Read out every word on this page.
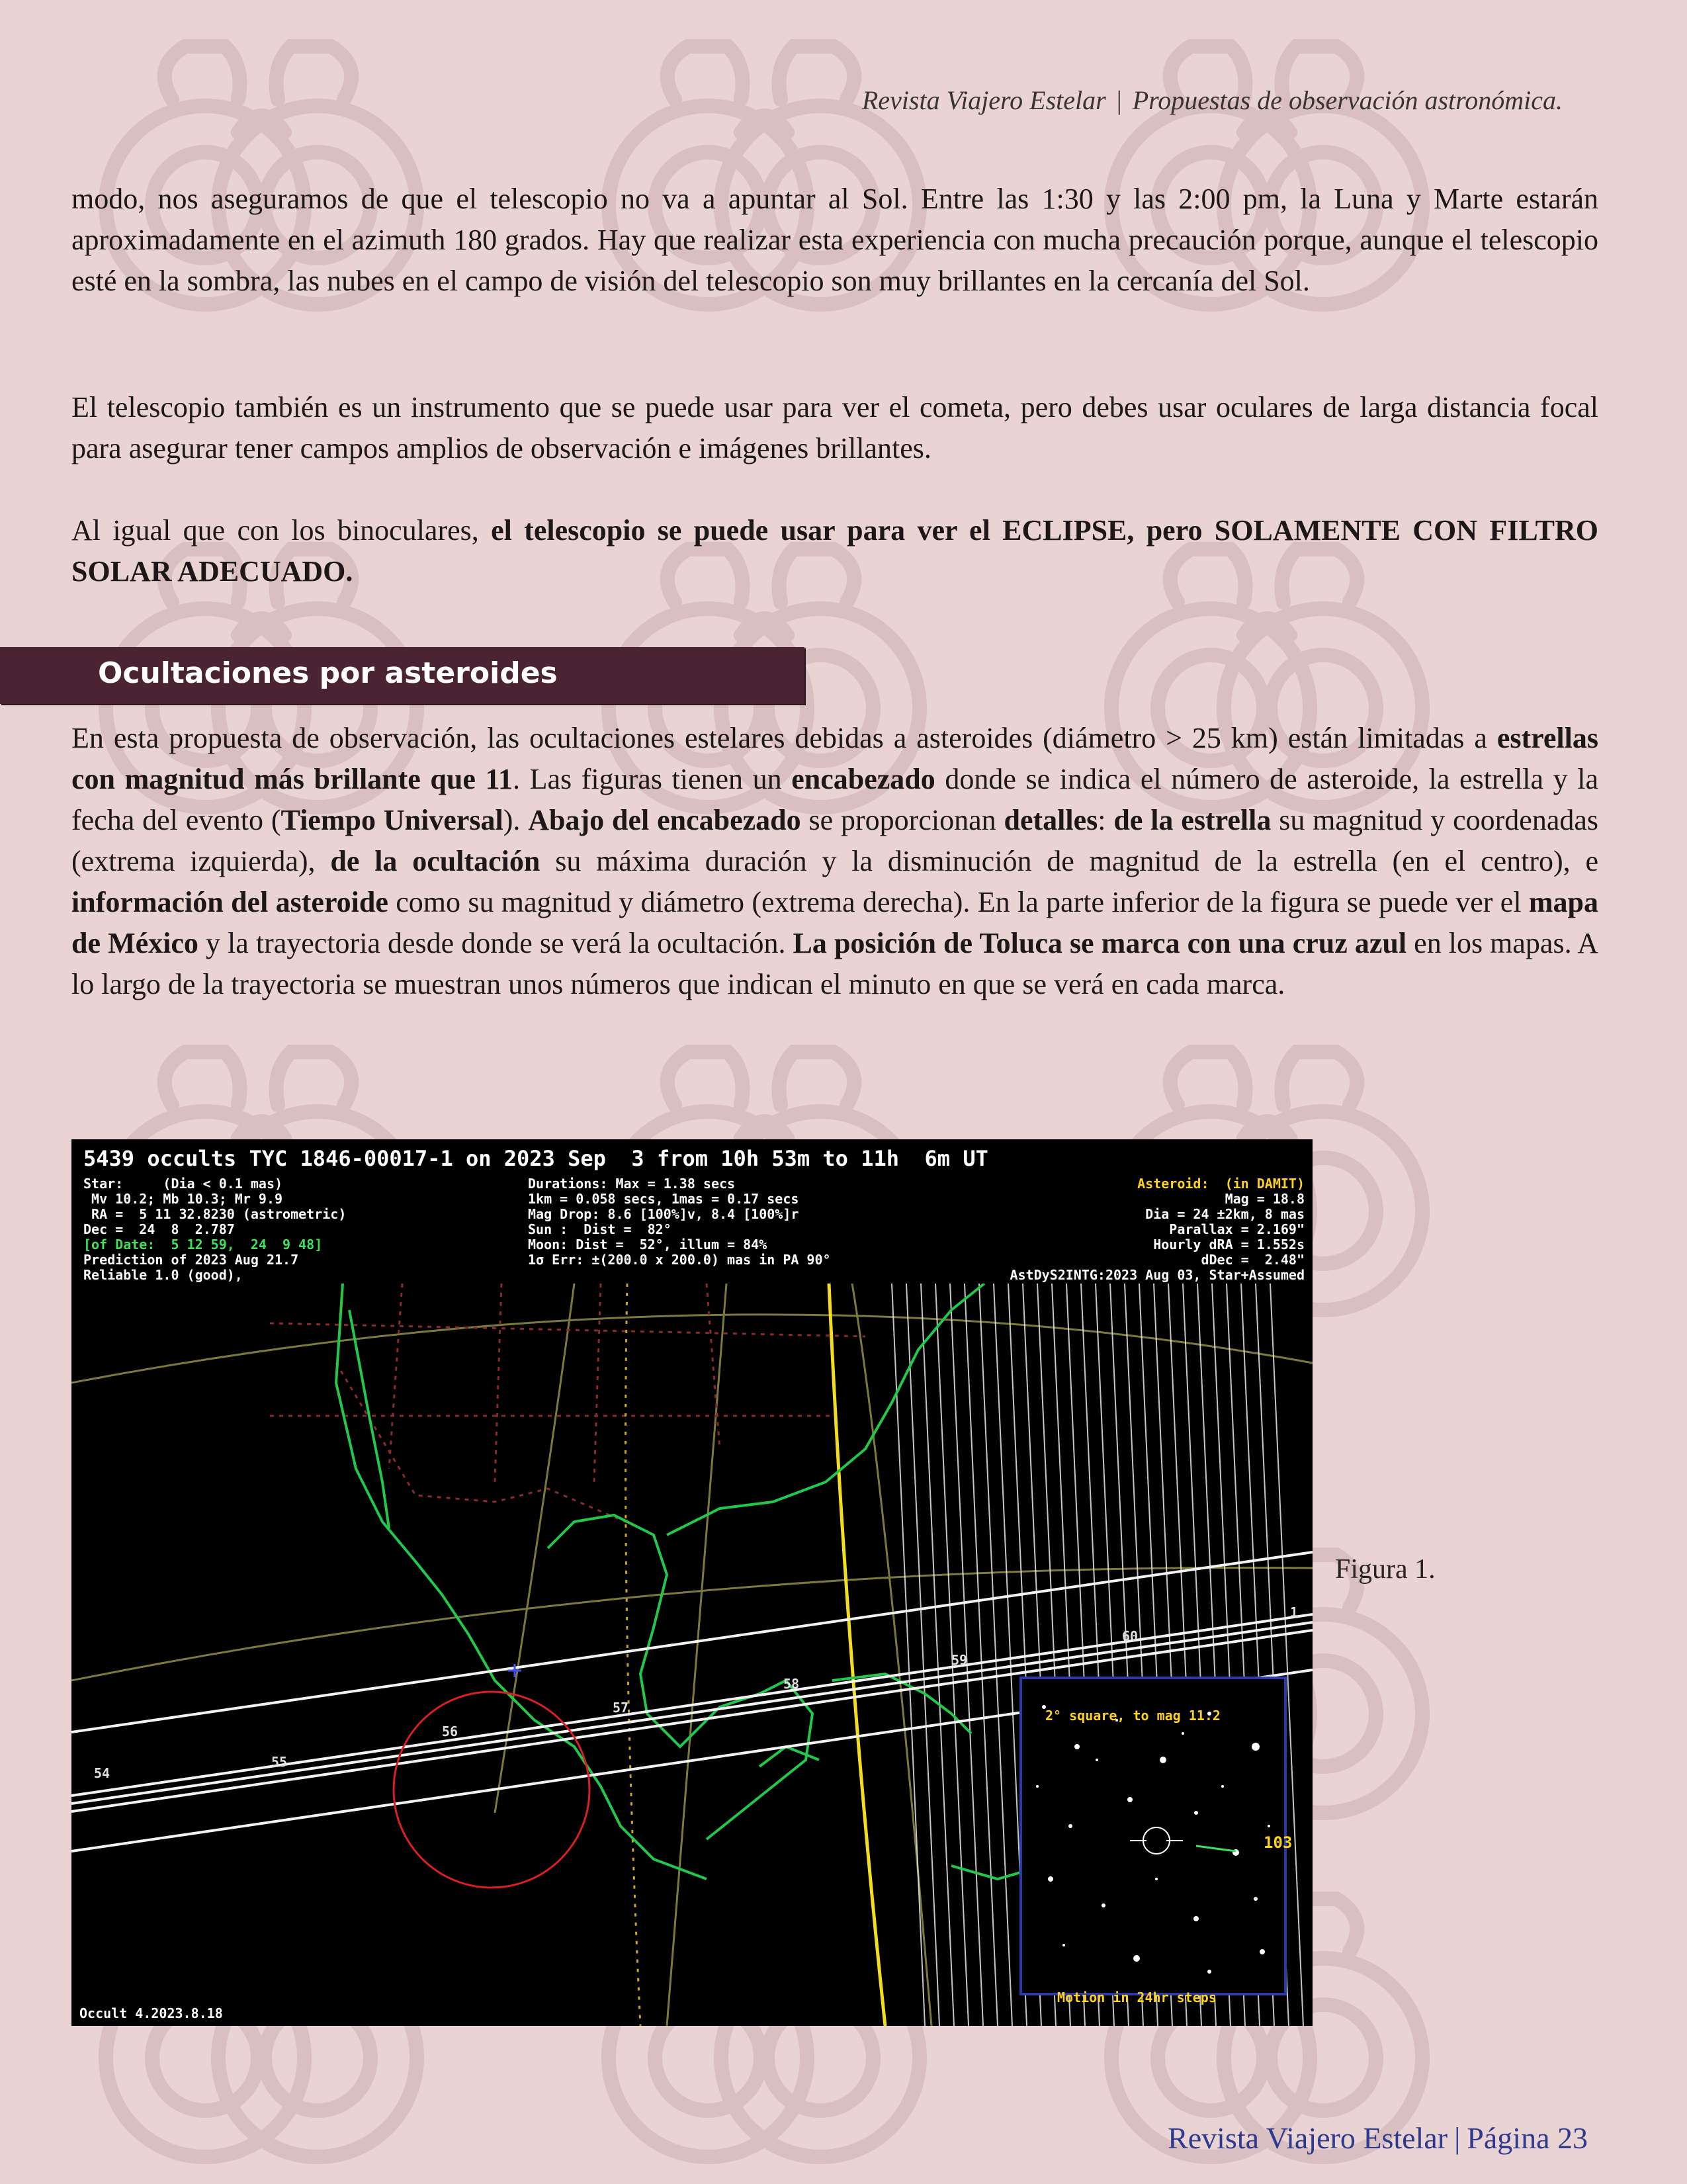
Revista Viajero Estelar | Propuestas de observación astronómica.

modo, nos aseguramos de que el telescopio no va a apuntar al Sol. Entre las 1:30 y las 2:00 pm, la Luna y Marte estarán aproximadamente en el azimuth 180 grados. Hay que realizar esta experiencia con mucha precaución porque, aunque el telescopio esté en la sombra, las nubes en el campo de visión del telescopio son muy brillantes en la cercanía del Sol.

El telescopio también es un instrumento que se puede usar para ver el cometa, pero debes usar oculares de larga distancia focal para asegurar tener campos amplios de observación e imágenes brillantes.

Al igual que con los binoculares, el telescopio se puede usar para ver el ECLIPSE, pero SOLAMENTE CON FILTRO SOLAR ADECUADO.

Ocultaciones por asteroides

En esta propuesta de observación, las ocultaciones estelares debidas a asteroides (diámetro > 25 km) están limitadas a estrellas con magnitud más brillante que 11. Las figuras tienen un encabezado donde se indica el número de asteroide, la estrella y la fecha del evento (Tiempo Universal). Abajo del encabezado se proporcionan detalles: de la estrella su magnitud y coordenadas (extrema izquierda), de la ocultación su máxima duración y la disminución de magnitud de la estrella (en el centro), e información del asteroide como su magnitud y diámetro (extrema derecha). En la parte inferior de la figura se puede ver el mapa de México y la trayectoria desde donde se verá la ocultación. La posición de Toluca se marca con una cruz azul en los mapas. A lo largo de la trayectoria se muestran unos números que indican el minuto en que se verá en cada marca.

5439 occults TYC 1846-00017-1 on 2023 Sep  3 from 10h 53m to 11h  6m UT
Star:     (Dia < 0.1 mas)
Mv 10.2; Mb 10.3; Mr 9.9
RA =  5 11 32.8230 (astrometric)
Dec =  24  8  2.787
[of Date:  5 12 59,  24  9 48]
Prediction of 2023 Aug 21.7
Reliable 1.0 (good),
Durations: Max = 1.38 secs
1km = 0.058 secs, 1mas = 0.17 secs
Mag Drop: 8.6 [100%]v, 8.4 [100%]r
Sun :  Dist =  82°
Moon: Dist =  52°, illum = 84%
1σ Err: ±(200.0 x 200.0) mas in PA 90°
Asteroid:  (in DAMIT)
Mag = 18.8
Dia = 24 ±2km, 8 mas
Parallax = 2.169"
Hourly dRA = 1.552s
dDec =  2.48"
AstDyS2INTG:2023 Aug 03, Star+Assumed
54
55
56
57
58
59
60
1
2° square, to mag 11.2
103
Motion in 24hr steps
Occult 4.2023.8.18
Figura 1.
Revista Viajero Estelar | Página 23
